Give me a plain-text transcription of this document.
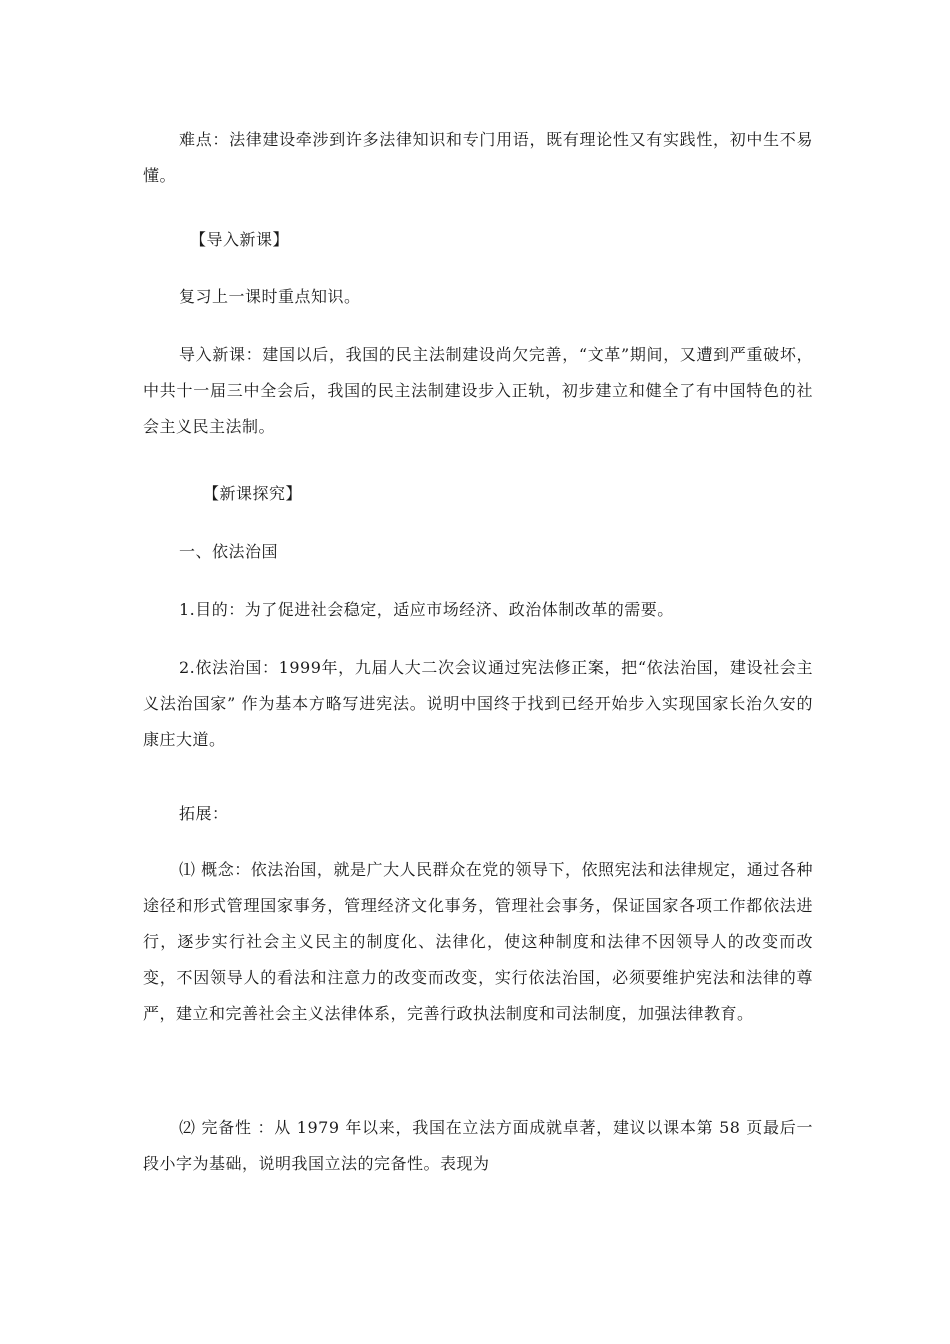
难点：法律建设牵涉到许多法律知识和专门用语，既有理论性又有实践性，初中生不易懂。

【导入新课】

复习上一课时重点知识。

导入新课：建国以后，我国的民主法制建设尚欠完善，“文革”期间，又遭到严重破坏，中共十一届三中全会后，我国的民主法制建设步入正轨，初步建立和健全了有中国特色的社会主义民主法制。

【新课探究】

一、依法治国

1.目的：为了促进社会稳定，适应市场经济、政治体制改革的需要。

2.依法治国：1999年，九届人大二次会议通过宪法修正案，把“依法治国，建设社会主义法治国家” 作为基本方略写进宪法。说明中国终于找到已经开始步入实现国家长治久安的康庄大道。

拓展：

⑴ 概念：依法治国，就是广大人民群众在党的领导下，依照宪法和法律规定，通过各种途径和形式管理国家事务，管理经济文化事务，管理社会事务，保证国家各项工作都依法进行，逐步实行社会主义民主的制度化、法律化，使这种制度和法律不因领导人的改变而改变，不因领导人的看法和注意力的改变而改变，实行依法治国，必须要维护宪法和法律的尊严，建立和完善社会主义法律体系，完善行政执法制度和司法制度，加强法律教育。

⑵ 完备性 ：从 1979 年以来，我国在立法方面成就卓著，建议以课本第 58 页最后一段小字为基础，说明我国立法的完备性。表现为
